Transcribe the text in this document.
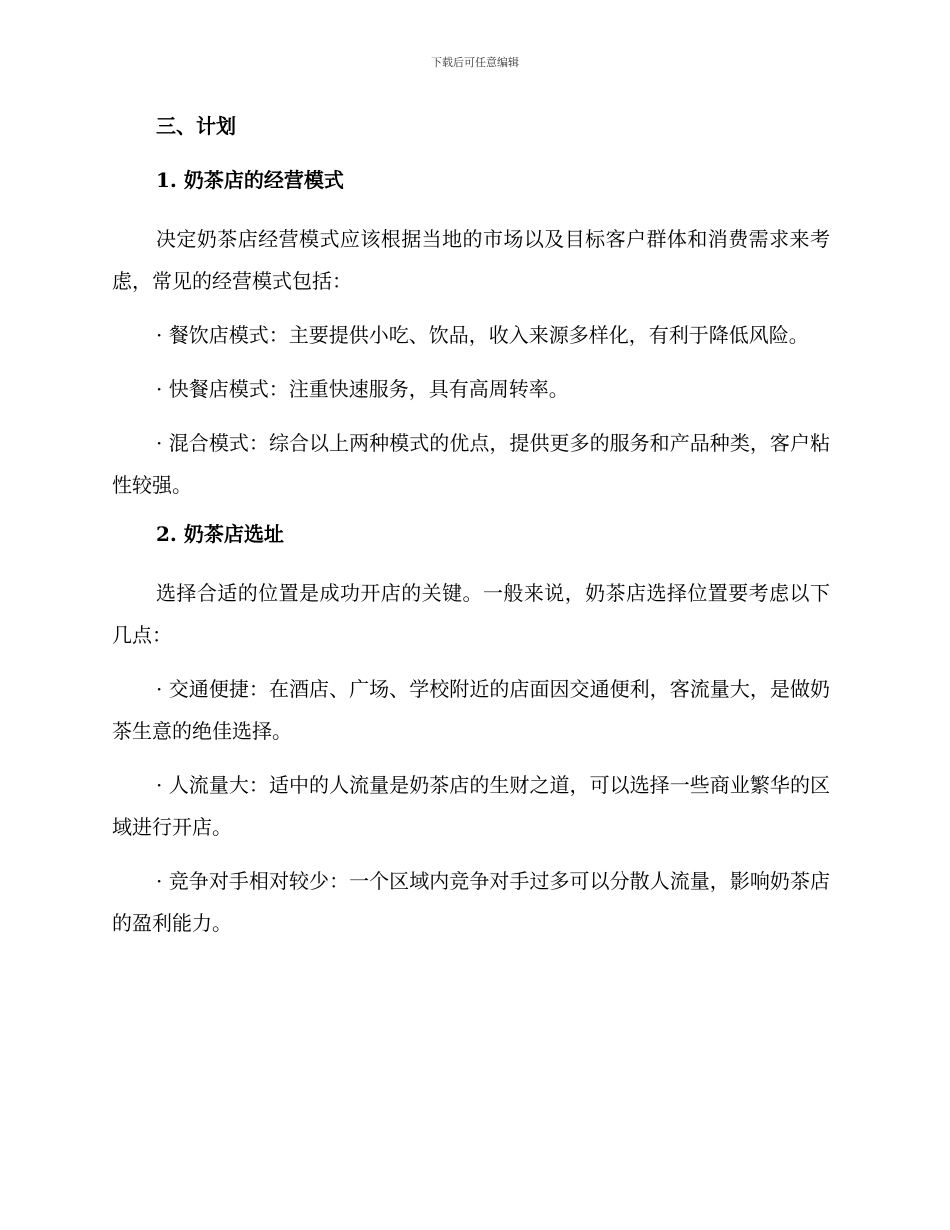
下载后可任意编辑
三、计划
1. 奶茶店的经营模式

决定奶茶店经营模式应该根据当地的市场以及目标客户群体和消费需求来考虑，常见的经营模式包括：

· 餐饮店模式：主要提供小吃、饮品，收入来源多样化，有利于降低风险。

· 快餐店模式：注重快速服务，具有高周转率。

· 混合模式：综合以上两种模式的优点，提供更多的服务和产品种类，客户粘性较强。

2. 奶茶店选址

选择合适的位置是成功开店的关键。一般来说，奶茶店选择位置要考虑以下几点：

· 交通便捷：在酒店、广场、学校附近的店面因交通便利，客流量大，是做奶茶生意的绝佳选择。

· 人流量大：适中的人流量是奶茶店的生财之道，可以选择一些商业繁华的区域进行开店。

· 竞争对手相对较少：一个区域内竞争对手过多可以分散人流量，影响奶茶店的盈利能力。
